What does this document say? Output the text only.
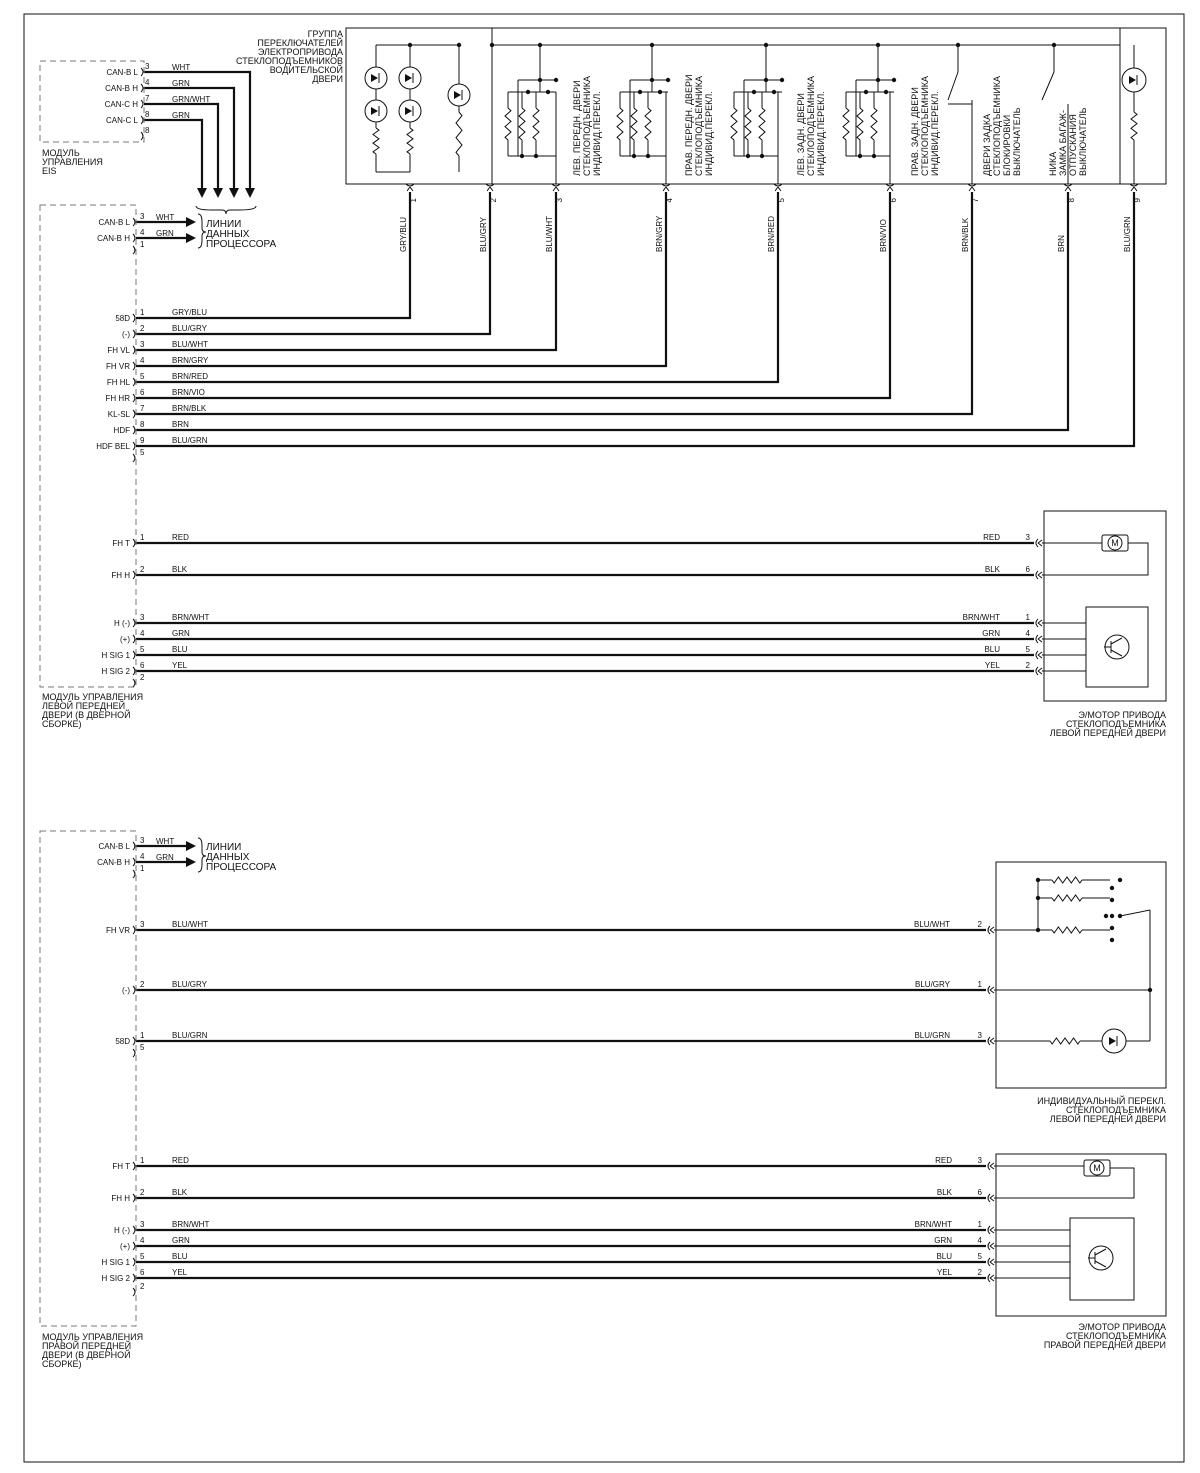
МОДУЛЬ
УПРАВЛЕНИЯ
EIS
CAN-B L
3	WHT
CAN-B H
4	GRN
CAN-C H
7	GRN/WHT
CAN-C L
8	GRN
8
МОДУЛЬ УПРАВЛЕНИЯ
ЛЕВОЙ ПЕРЕДНЕЙ
ДВЕРИ (В ДВЕРНОЙ
СБОРКЕ)
CAN-B L
3 WHT
CAN-B H
4 GRN
1
ЛИНИИ
ДАННЫХ
ПРОЦЕССОРА
ГРУППА
ПЕРЕКЛЮЧАТЕЛЕЙ
ЭЛЕКТРОПРИВОДА
СТЕКЛОПОДЪЕМНИКОВ
ВОДИТЕЛЬСКОЙ
ДВЕРИ
ИНДИВИД.ПЕРЕКЛ.
СТЕКЛОПОДЪЕМНИКА
ЛЕВ. ПЕРЕДН. ДВЕРИ	ИНДИВИД.ПЕРЕКЛ.
СТЕКЛОПОДЪЕМНИКА
ПРАВ. ПЕРЕДН. ДВЕРИ	ИНДИВИД.ПЕРЕКЛ.
СТЕКЛОПОДЪЕМНИКА
ЛЕВ. ЗАДН. ДВЕРИ	ИНДИВИД.ПЕРЕКЛ.
СТЕКЛОПОДЪЕМНИКА
ПРАВ. ЗАДН. ДВЕРИ	ВЫКЛЮЧАТЕЛЬ
БЛОКИРОВКИ
СТЕКЛОПОДЪЕМНИКА
ДВЕРИ ЗАДКА	ВЫКЛЮЧАТЕЛЬ
ОТПУСКАНИЯ
ЗАМКА БАГАЖ-
НИКА
1
GRY/BLU
2
BLU/GRY
3
BLU/WHT
4
BRN/GRY
5
BRN/RED
6
BRN/VIO
7
BRN/BLK
8
BRN
9
BLU/GRN
58D
1	GRY/BLU
(-)
2	BLU/GRY
FH VL
3	BLU/WHT
FH VR
4	BRN/GRY
FH HL
5	BRN/RED
FH HR
6	BRN/VIO
KL-SL
7	BRN/BLK
HDF
8	BRN
HDF BEL
9	BLU/GRN
5
Э/МОТОР ПРИВОДА
СТЕКЛОПОДЪЕМНИКА
ЛЕВОЙ ПЕРЕДНЕЙ ДВЕРИ
FH T
1	RED	RED	3
FH H
2	BLK	BLK	6
H (-)
3	BRN/WHT	BRN/WHT	1
(+)
4	GRN	GRN	4
H SIG 1
5	BLU	BLU	5
H SIG 2
6	YEL	YEL	2
2
M
МОДУЛЬ УПРАВЛЕНИЯ
ПРАВОЙ ПЕРЕДНЕЙ
ДВЕРИ (В ДВЕРНОЙ
СБОРКЕ)
CAN-B L
3 WHT
CAN-B H
4 GRN
1
ЛИНИИ
ДАННЫХ
ПРОЦЕССОРА
ИНДИВИДУАЛЬНЫЙ ПЕРЕКЛ.
СТЕКЛОПОДЪЕМНИКА
ЛЕВОЙ ПЕРЕДНЕЙ ДВЕРИ
FH VR
3	BLU/WHT	BLU/WHT	2
(-)
2	BLU/GRY	BLU/GRY	1
58D
1	BLU/GRN	BLU/GRN	3
5
Э/МОТОР ПРИВОДА
СТЕКЛОПОДЪЕМНИКА
ПРАВОЙ ПЕРЕДНЕЙ ДВЕРИ
FH T
1	RED	RED	3
FH H
2	BLK	BLK	6
H (-)
3	BRN/WHT	BRN/WHT	1
(+)
4	GRN	GRN	4
H SIG 1
5	BLU	BLU	5
H SIG 2
6	YEL	YEL	2
2
M
